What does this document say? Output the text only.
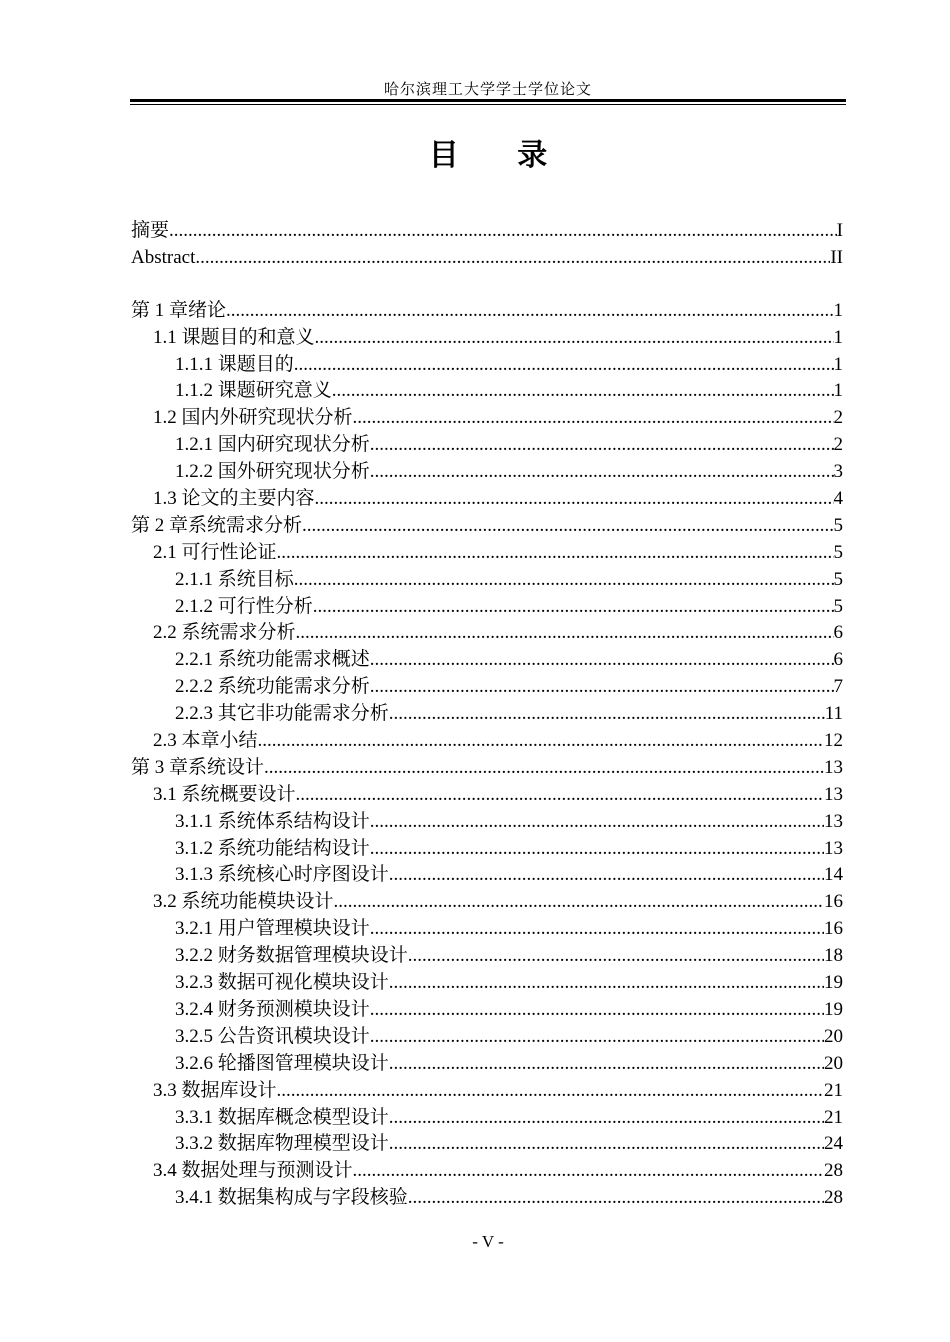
哈尔滨理工大学学士学位论文
目 录
摘要 .....	I
Abstract .....	II
第 1 章绪论 .....	1
1.1 课题目的和意义 .....	1
1.1.1 课题目的 .....	1
1.1.2 课题研究意义 .....	1
1.2 国内外研究现状分析 .....	2
1.2.1 国内研究现状分析 .....	2
1.2.2 国外研究现状分析 .....	3
1.3 论文的主要内容 .....	4
第 2 章系统需求分析 .....	5
2.1 可行性论证 .....	5
2.1.1 系统目标 .....	5
2.1.2 可行性分析 .....	5
2.2 系统需求分析 .....	6
2.2.1 系统功能需求概述 .....	6
2.2.2 系统功能需求分析 .....	7
2.2.3 其它非功能需求分析 .....	11
2.3 本章小结 .....	12
第 3 章系统设计 .....	13
3.1 系统概要设计 .....	13
3.1.1 系统体系结构设计 .....	13
3.1.2 系统功能结构设计 .....	13
3.1.3 系统核心时序图设计 .....	14
3.2 系统功能模块设计 .....	16
3.2.1 用户管理模块设计 .....	16
3.2.2 财务数据管理模块设计 .....	18
3.2.3 数据可视化模块设计 .....	19
3.2.4 财务预测模块设计 .....	19
3.2.5 公告资讯模块设计 .....	20
3.2.6 轮播图管理模块设计 .....	20
3.3 数据库设计 .....	21
3.3.1 数据库概念模型设计 .....	21
3.3.2 数据库物理模型设计 .....	24
3.4 数据处理与预测设计 .....	28
3.4.1 数据集构成与字段核验 .....	28
- V -
